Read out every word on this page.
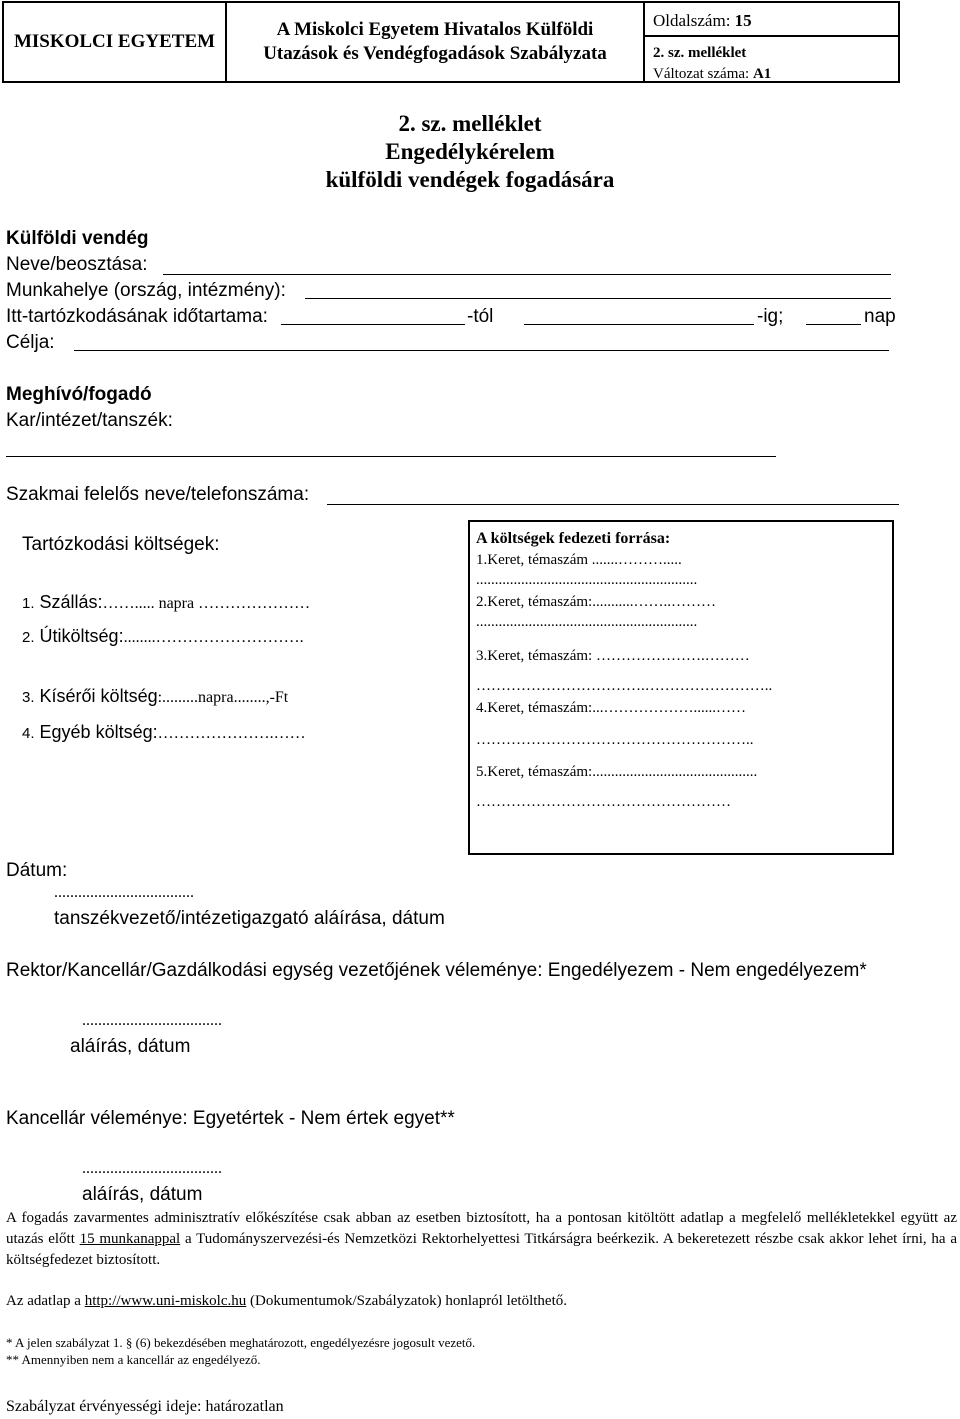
MISKOLCI EGYETEM
A Miskolci Egyetem Hivatalos Külföldi
Utazások és Vendégfogadások Szabályzata
Oldalszám: 15
2. sz. melléklet
Változat száma: A1
2. sz. melléklet
Engedélykérelem
külföldi vendégek fogadására
Külföldi vendég
Neve/beosztása:
Munkahelye (ország, intézmény):
Itt-tartózkodásának időtartama:	-tól	-ig;	nap
Célja:
Meghívó/fogadó
Kar/intézet/tanszék:
Szakmai felelős neve/telefonszáma:
Tartózkodási költségek:
1. Szállás:……..... napra …………………
2. Útiköltség:........……………………….
3. Kísérői költség:.........napra........,-Ft
4. Egyéb költség:………………….……
A költségek fedezeti forrása:
1.Keret, témaszám .......……….....
...........................................................
2.Keret, témaszám:...........……..………
...........................................................
3.Keret, témaszám: ………………….………
…………………………….……………………..
4.Keret, témaszám:...………………......……
………………………………………………..
5.Keret, témaszám:............................................
……………………………………………
Dátum:
...................................
tanszékvezető/intézetigazgató aláírása, dátum
Rektor/Kancellár/Gazdálkodási egység vezetőjének véleménye: Engedélyezem - Nem engedélyezem*
...................................
aláírás, dátum
Kancellár véleménye: Egyetértek - Nem értek egyet**
...................................
aláírás, dátum
A fogadás zavarmentes adminisztratív előkészítése csak abban az esetben biztosított, ha a pontosan kitöltött adatlap a megfelelő mellékletekkel együtt az utazás előtt 15 munkanappal a Tudományszervezési-és Nemzetközi Rektorhelyettesi Titkárságra beérkezik. A bekeretezett részbe csak akkor lehet írni, ha a költségfedezet biztosított.
Az adatlap a http://www.uni-miskolc.hu (Dokumentumok/Szabályzatok) honlapról letölthető.
* A jelen szabályzat 1. § (6) bekezdésében meghatározott, engedélyezésre jogosult vezető.
** Amennyiben nem a kancellár az engedélyező.
Szabályzat érvényességi ideje: határozatlan
